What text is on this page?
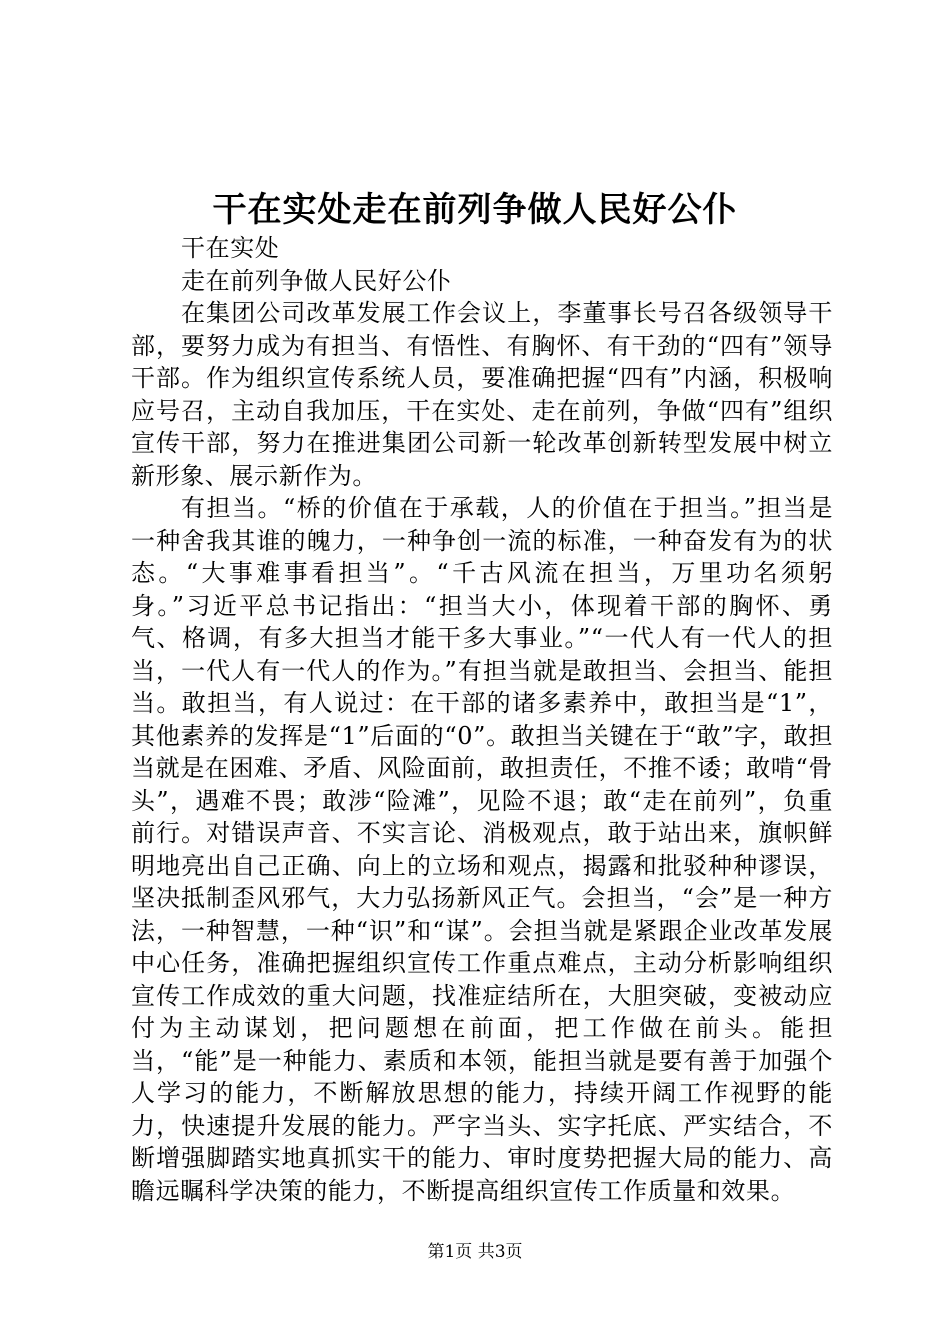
干在实处走在前列争做人民好公仆

干在实处

走在前列争做人民好公仆

在集团公司改革发展工作会议上，李董事长号召各级领导干部，要努力成为有担当、有悟性、有胸怀、有干劲的“四有”领导干部。作为组织宣传系统人员，要准确把握“四有”内涵，积极响应号召，主动自我加压，干在实处、走在前列，争做“四有”组织宣传干部，努力在推进集团公司新一轮改革创新转型发展中树立新形象、展示新作为。

有担当。“桥的价值在于承载，人的价值在于担当。”担当是一种舍我其谁的魄力，一种争创一流的标准，一种奋发有为的状态。“大事难事看担当”。“千古风流在担当，万里功名须躬身。”习近平总书记指出：“担当大小，体现着干部的胸怀、勇气、格调，有多大担当才能干多大事业。”“一代人有一代人的担当，一代人有一代人的作为。”有担当就是敢担当、会担当、能担当。敢担当，有人说过：在干部的诸多素养中，敢担当是“1”，其他素养的发挥是“1”后面的“0”。敢担当关键在于“敢”字，敢担当就是在困难、矛盾、风险面前，敢担责任，不推不诿；敢啃“骨头”，遇难不畏；敢涉“险滩”，见险不退；敢“走在前列”，负重前行。对错误声音、不实言论、消极观点，敢于站出来，旗帜鲜明地亮出自己正确、向上的立场和观点，揭露和批驳种种谬误，坚决抵制歪风邪气，大力弘扬新风正气。会担当，“会”是一种方法，一种智慧，一种“识”和“谋”。会担当就是紧跟企业改革发展中心任务，准确把握组织宣传工作重点难点，主动分析影响组织宣传工作成效的重大问题，找准症结所在，大胆突破，变被动应付为主动谋划，把问题想在前面，把工作做在前头。能担当，“能”是一种能力、素质和本领，能担当就是要有善于加强个人学习的能力，不断解放思想的能力，持续开阔工作视野的能力，快速提升发展的能力。严字当头、实字托底、严实结合，不断增强脚踏实地真抓实干的能力、审时度势把握大局的能力、高瞻远瞩科学决策的能力，不断提高组织宣传工作质量和效果。

第1页 共3页
